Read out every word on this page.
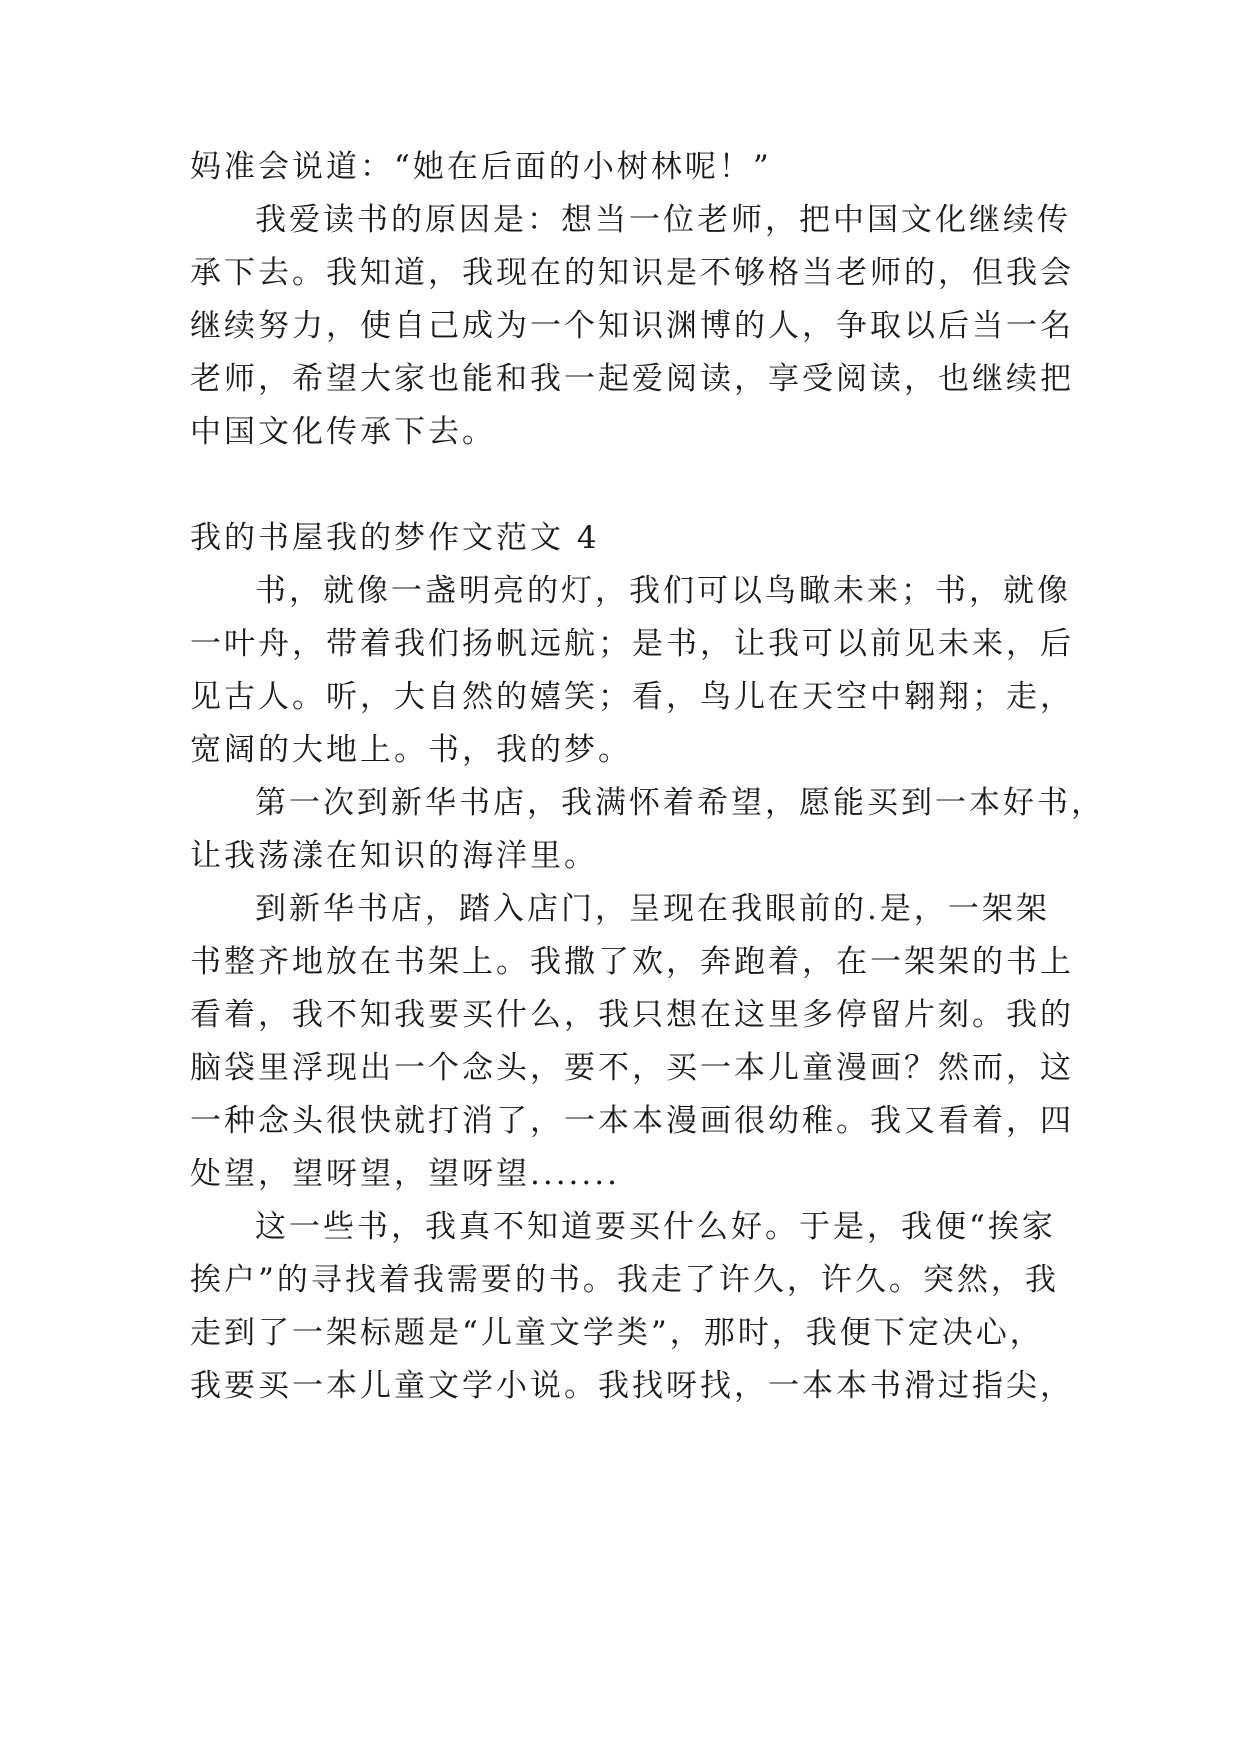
妈准会说道：“她在后面的小树林呢！”
我爱读书的原因是：想当一位老师，把中国文化继续传
承下去。我知道，我现在的知识是不够格当老师的，但我会
继续努力，使自己成为一个知识渊博的人，争取以后当一名
老师，希望大家也能和我一起爱阅读，享受阅读，也继续把
中国文化传承下去。
我的书屋我的梦作文范文 4
书，就像一盏明亮的灯，我们可以鸟瞰未来；书，就像
一叶舟，带着我们扬帆远航；是书，让我可以前见未来，后
见古人。听，大自然的嬉笑；看，鸟儿在天空中翱翔；走，
宽阔的大地上。书，我的梦。
第一次到新华书店，我满怀着希望，愿能买到一本好书，
让我荡漾在知识的海洋里。
到新华书店，踏入店门，呈现在我眼前的.是，一架架
书整齐地放在书架上。我撒了欢，奔跑着，在一架架的书上
看着，我不知我要买什么，我只想在这里多停留片刻。我的
脑袋里浮现出一个念头，要不，买一本儿童漫画？然而，这
一种念头很快就打消了，一本本漫画很幼稚。我又看着，四
处望，望呀望，望呀望.......
这一些书，我真不知道要买什么好。于是，我便“挨家
挨户”的寻找着我需要的书。我走了许久，许久。突然，我
走到了一架标题是“儿童文学类”，那时，我便下定决心，
我要买一本儿童文学小说。我找呀找，一本本书滑过指尖，
